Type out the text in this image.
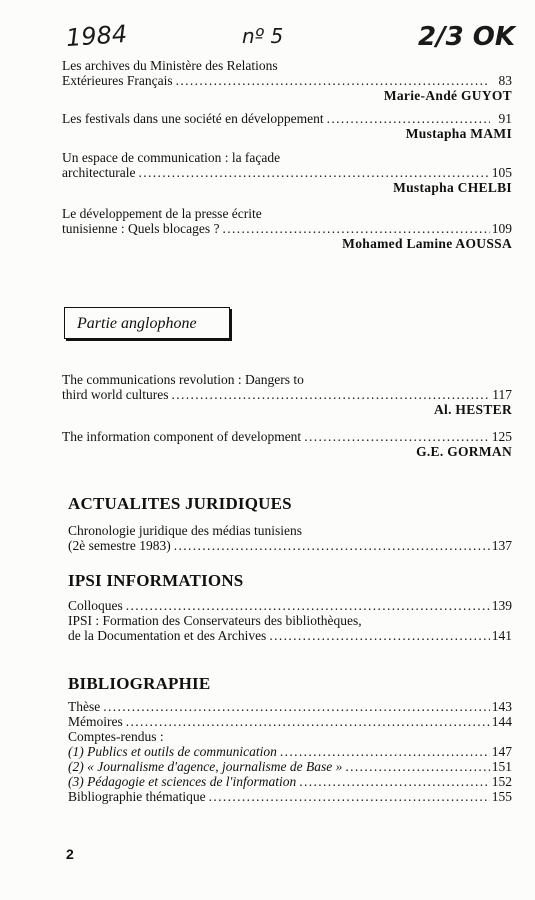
1984	nº 5	2/3 OK
Les archives du Ministère des Relations
Extérieures Français . . .	83
Marie-Andé GUYOT
Les festivals dans une société en développement . . .	91
Mustapha MAMI
Un espace de communication : la façade
architecturale . . .	105
Mustapha CHELBI
Le développement de la presse écrite
tunisienne : Quels blocages ? . . .	109
Mohamed Lamine AOUSSA
Partie anglophone
The communications revolution : Dangers to
third world cultures . . .	117
Al. HESTER
The information component of development . . .	125
G.E. GORMAN
ACTUALITES JURIDIQUES
Chronologie juridique des médias tunisiens
(2è semestre 1983) . . .	137
IPSI INFORMATIONS
Colloques . . .	139
IPSI : Formation des Conservateurs des bibliothèques,
de la Documentation et des Archives . . .	141
BIBLIOGRAPHIE
Thèse . . .	143
Mémoires . . .	144
Comptes-rendus :
(1) Publics et outils de communication . . .	147
(2) « Journalisme d'agence, journalisme de Base » . . .	151
(3) Pédagogie et sciences de l'information . . .	152
Bibliographie thématique . . .	155
2
